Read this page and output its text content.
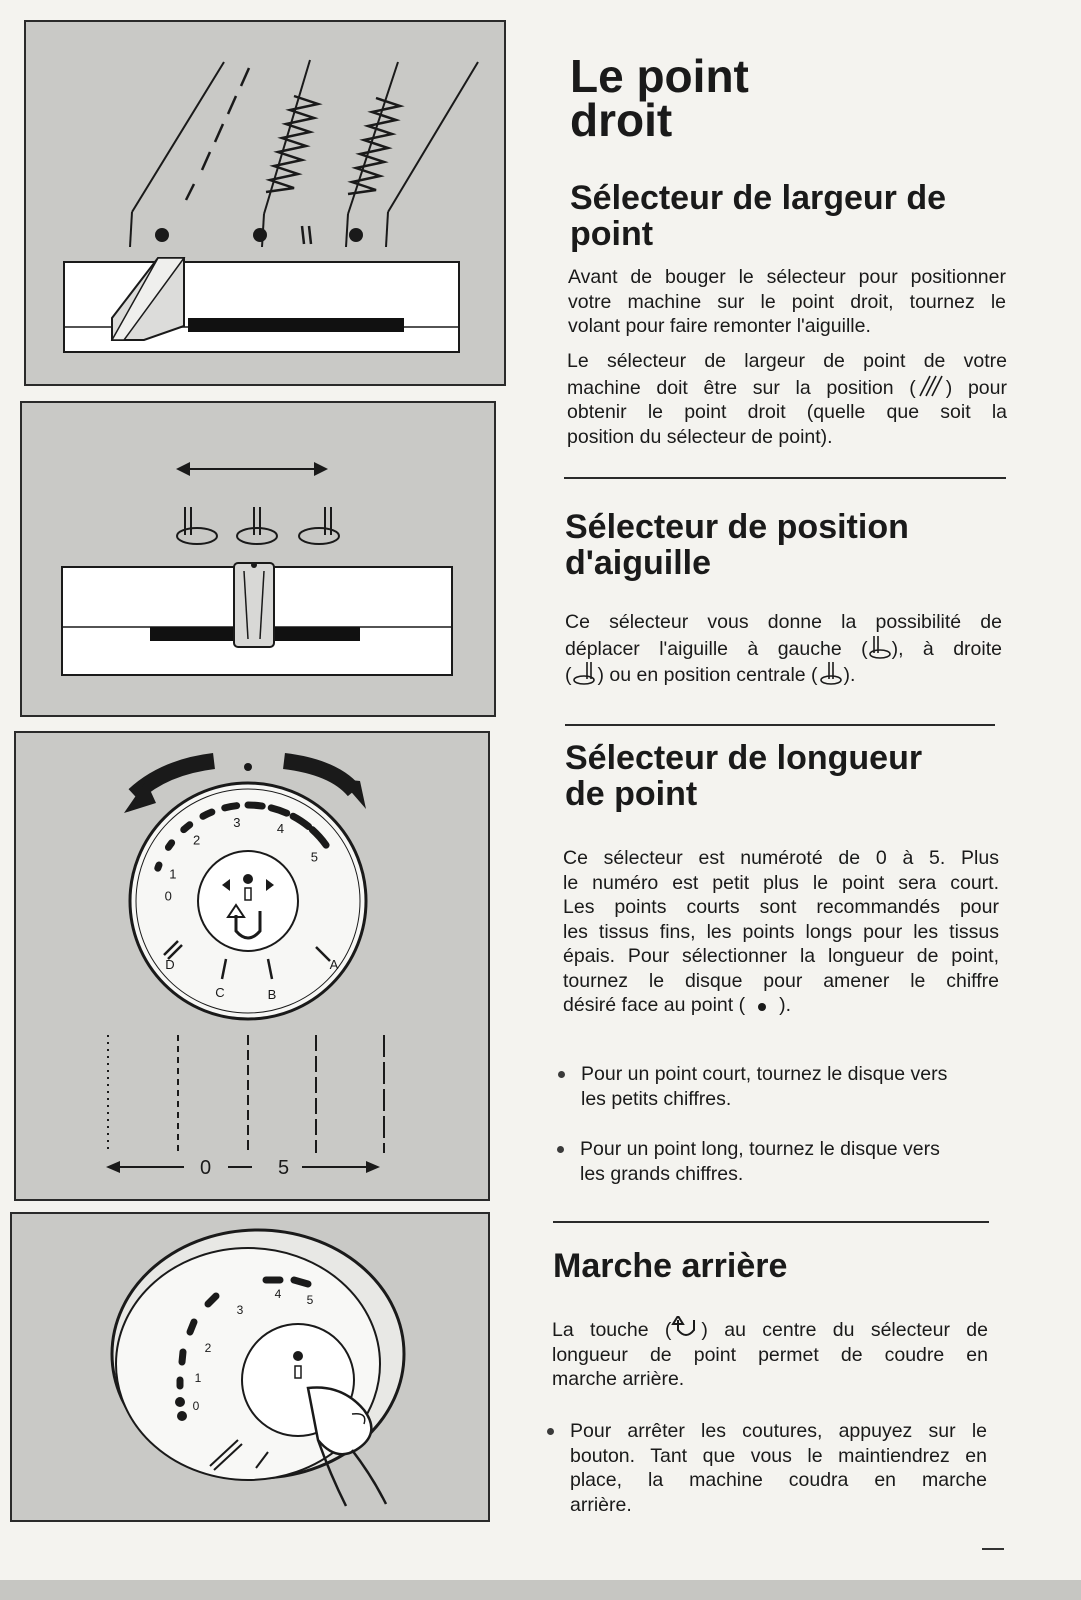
0
1
2
3	4
5
A
B
C
D
0	5
0
1
2
3
4 5
Le point
droit
Sélecteur de largeur de
point

Avant de bouger le sélecteur pour positionner
votre machine sur le point droit, tournez le
volant pour faire remonter l'aiguille.

Le sélecteur de largeur de point de votre
machine doit être sur la position ( ) pour
obtenir le point droit (quelle que soit la
position du sélecteur de point).

Sélecteur de position
d'aiguille

Ce sélecteur vous donne la possibilité de
déplacer l'aiguille à gauche ( ), à droite
( ) ou en position centrale ( ).

Sélecteur de longueur
de point

Ce sélecteur est numéroté de 0 à 5. Plus
le numéro est petit plus le point sera court.
Les points courts sont recommandés pour
les tissus fins, les points longs pour les tissus
épais. Pour sélectionner la longueur de point,
tournez le disque pour amener le chiffre
désiré face au point ( ).

Pour un point court, tournez le disque vers
les petits chiffres.
Pour un point long, tournez le disque vers
les grands chiffres.
Marche arrière

La touche ( ) au centre du sélecteur de
longueur de point permet de coudre en
marche arrière.

Pour arrêter les coutures, appuyez sur le
bouton. Tant que vous le maintiendrez en
place, la machine coudra en marche
arrière.
